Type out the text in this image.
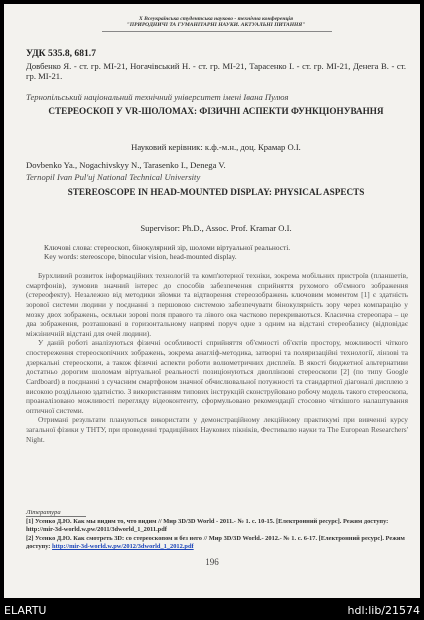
X Всеукраїнська студентська науково - технічна конференція
"ПРИРОДНИЧІ ТА ГУМАНІТАРНІ НАУКИ. АКТУАЛЬНІ ПИТАННЯ"
УДК 535.8, 681.7
Довбенко Я. - ст. гр. МІ-21, Ногачівський Н. - ст. гр. МІ-21, Тарасенко І. - ст. гр. МІ-21, Денега В. - ст. гр. МІ-21.
Тернопільський національний технічний університет імені Івана Пулюя
СТЕРЕОСКОП У VR-ШОЛОМАХ: ФІЗИЧНІ АСПЕКТИ ФУНКЦІОНУВАННЯ
Науковий керівник: к.ф.-м.н., доц. Крамар О.І.
Dovbenko Ya., Nogachivskyy N., Tarasenko I., Denega V.
Ternopil Ivan Pul'uj National Technical University
STEREOSCOPE IN HEAD-MOUNTED DISPLAY: PHYSICAL ASPECTS
Supervisor: Ph.D., Assoc. Prof. Kramar O.I.
Ключові слова: стереоскоп, бінокулярний зір, шоломи віртуальної реальності.
Key words: stereoscope, binocular vision, head-mounted display.

Бурхливий розвиток інформаційних технологій та комп'ютерної техніки, зокрема мобільних пристроїв (планшетів, смартфонів), зумовив значний інтерес до способів забезпечення сприйняття рухомого об'ємного зображення (стереофекту). Незалежно від методики зйомки та відтворення стереозображень ключовим моментом [1] є здатність зорової системи людини у поєднанні з першовою системою забезпечувати бінокулярність зору через компарацію у мозку двох зображень, осяльки зорові поля правого та лівого ока частково перекриваються. Класична стереопара – це два зображення, розташовані в горизонтальному напрямі поруч одне з одним на відстані стереобазису (відповідає міжзіничній відстані для очей людини).

У даній роботі аналізуються фізичні особливості сприйняття об'ємності об'єктів простору, можливості чіткого спостереження стереоскопічних зображень, зокрема анагліф-методика, затворні та поляризаційні технології, лінзові та дзеркальні стереоскопи, а також фізичні аспекти роботи волюметричних дисплеїв. В якості бюджетної альтернативи достатньо дорогим шоломам віртуальної реальності позиціонуються двоплінзові стереоскопи [2] (по типу Google Cardboard) в поєднанні з сучасним смартфоном значної обчислювальної потужності та стандартної діагоналі дисплею з високою роздільною здатністю. З використанням типових інструкцій сконструйовано робочу модель такого стереоскопа, проаналізовано можливості перегляду відеоконтенту, сформульовано рекомендації стосовно чіткішого налаштування оптичної системи.

Отримані результати плануються використати у демонстраційному лекційному практикумі при вивченні курсу загальної фізики у ТНТУ, при проведенні традиційних Наукових пікніків, Фестивалю науки та The European Researchers' Night.

Література
[1] Усенко Д.Ю. Как мы видим то, что видим // Мир 3D/3D World - 2011.- № 1. с. 10-15. [Електронний ресурс]. Режим доступу: http://mir-3d-world.w.pw/2011/3dworld_1_2011.pdf
[2] Усенко Д.Ю. Как смотреть 3D: со стереоскопом и без него // Мир 3D/3D World.- 2012.- № 1. с. 6-17. [Електронний ресурс]. Режим доступу: http://mir-3d-world.w.pw/2012/3dworld_1_2012.pdf
196
ELARTU	hdl:lib/21574
